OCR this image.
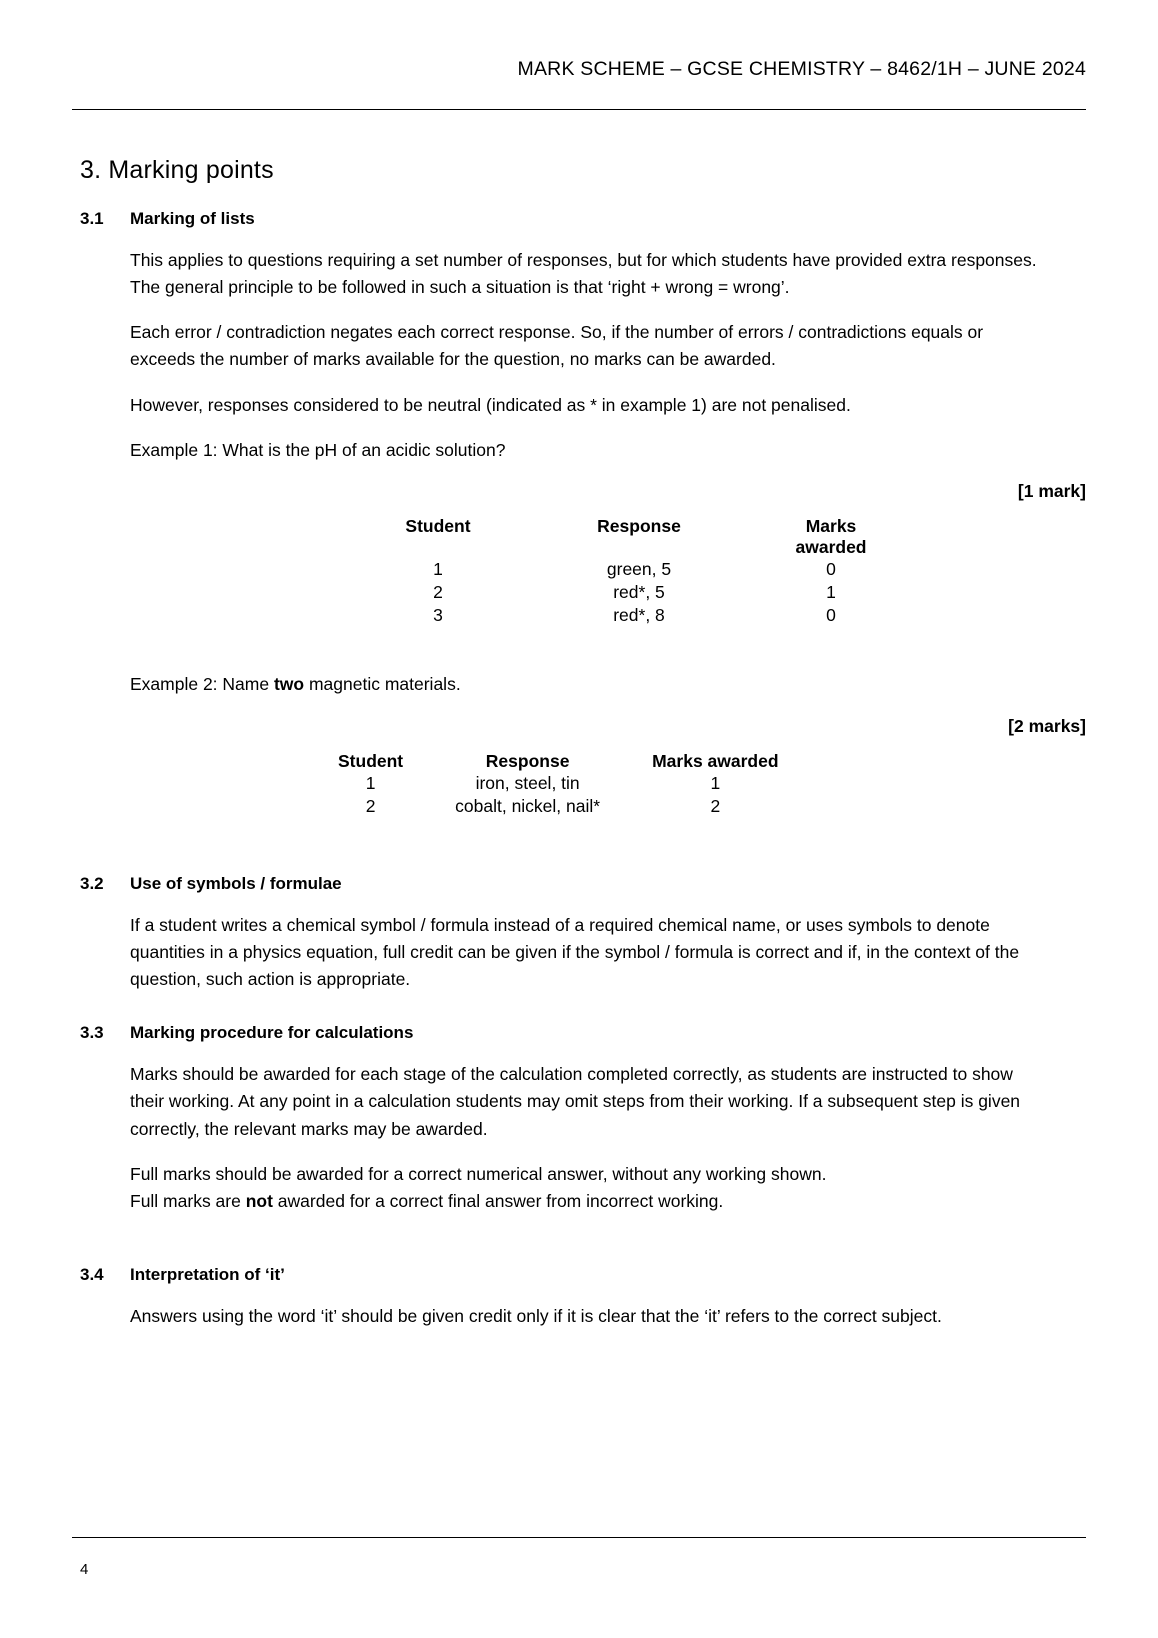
MARK SCHEME – GCSE CHEMISTRY – 8462/1H – JUNE 2024
3. Marking points
3.1 Marking of lists

This applies to questions requiring a set number of responses, but for which students have provided extra responses. The general principle to be followed in such a situation is that ‘right + wrong = wrong’.

Each error / contradiction negates each correct response. So, if the number of errors / contradictions equals or exceeds the number of marks available for the question, no marks can be awarded.

However, responses considered to be neutral (indicated as * in example 1) are not penalised.

Example 1: What is the pH of an acidic solution?

[1 mark]
Student	Response	Marks
awarded

1	green, 5	0
2	red*, 5	1
3	red*, 8	0

Example 2: Name two magnetic materials.

[2 marks]
Student	Response	Marks awarded
1	iron, steel, tin	1
2	cobalt, nickel, nail*	2
3.2 Use of symbols / formulae

If a student writes a chemical symbol / formula instead of a required chemical name, or uses symbols to denote quantities in a physics equation, full credit can be given if the symbol / formula is correct and if, in the context of the question, such action is appropriate.

3.3 Marking procedure for calculations

Marks should be awarded for each stage of the calculation completed correctly, as students are instructed to show their working. At any point in a calculation students may omit steps from their working. If a subsequent step is given correctly, the relevant marks may be awarded.

Full marks should be awarded for a correct numerical answer, without any working shown.
Full marks are not awarded for a correct final answer from incorrect working.

3.4 Interpretation of ‘it’

Answers using the word ‘it’ should be given credit only if it is clear that the ‘it’ refers to the correct subject.

4
